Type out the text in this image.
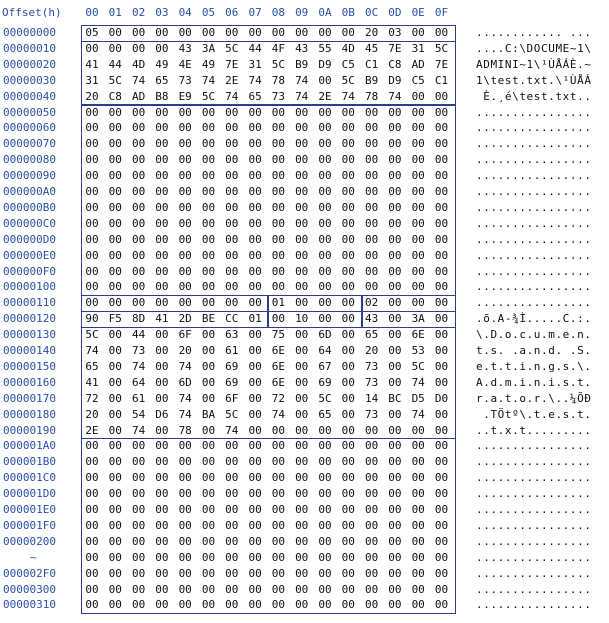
Offset(h) 00 01 02 03 04 05 06 07 08 09 0A 0B 0C 0D 0E 0F
00000000	05 00 00 00 00 00 00 00 00 00 00 00 20 03 00 00	............ ...
00000010	00 00 00 00 43 3A 5C 44 4F 43 55 4D 45 7E 31 5C	....C:\DOCUME~1\
00000020	41 44 4D 49 4E 49 7E 31 5C B9 D9 C5 C1 C8 AD 7E	ADMINI~1\¹ÙÅÁÈ.~
00000030	31 5C 74 65 73 74 2E 74 78 74 00 5C B9 D9 C5 C1	1\test.txt.\¹ÙÅÁ
00000040	20 C8 AD B8 E9 5C 74 65 73 74 2E 74 78 74 00 00	È.¸é\test.txt..
00000050	00 00 00 00 00 00 00 00 00 00 00 00 00 00 00 00	................
00000060	00 00 00 00 00 00 00 00 00 00 00 00 00 00 00 00	................
00000070	00 00 00 00 00 00 00 00 00 00 00 00 00 00 00 00	................
00000080	00 00 00 00 00 00 00 00 00 00 00 00 00 00 00 00	................
00000090	00 00 00 00 00 00 00 00 00 00 00 00 00 00 00 00	................
000000A0	00 00 00 00 00 00 00 00 00 00 00 00 00 00 00 00	................
000000B0	00 00 00 00 00 00 00 00 00 00 00 00 00 00 00 00	................
000000C0	00 00 00 00 00 00 00 00 00 00 00 00 00 00 00 00	................
000000D0	00 00 00 00 00 00 00 00 00 00 00 00 00 00 00 00	................
000000E0	00 00 00 00 00 00 00 00 00 00 00 00 00 00 00 00	................
000000F0	00 00 00 00 00 00 00 00 00 00 00 00 00 00 00 00	................
00000100	00 00 00 00 00 00 00 00 00 00 00 00 00 00 00 00	................
00000110	00 00 00 00 00 00 00 00 01 00 00 00 02 00 00 00	................
00000120	90 F5 8D 41 2D BE CC 01 00 10 00 00 43 00 3A 00	.õ.A-¾Ì.....C.:.
00000130	5C 00 44 00 6F 00 63 00 75 00 6D 00 65 00 6E 00	\.D.o.c.u.m.e.n.
00000140	74 00 73 00 20 00 61 00 6E 00 64 00 20 00 53 00	t.s. .a.n.d. .S.
00000150	65 00 74 00 74 00 69 00 6E 00 67 00 73 00 5C 00	e.t.t.i.n.g.s.\.
00000160	41 00 64 00 6D 00 69 00 6E 00 69 00 73 00 74 00	A.d.m.i.n.i.s.t.
00000170	72 00 61 00 74 00 6F 00 72 00 5C 00 14 BC D5 D0	r.a.t.o.r.\..¼ÕÐ
00000180	20 00 54 D6 74 BA 5C 00 74 00 65 00 73 00 74 00	.TÖtº\.t.e.s.t.
00000190	2E 00 74 00 78 00 74 00 00 00 00 00 00 00 00 00	..t.x.t.........
000001A0	00 00 00 00 00 00 00 00 00 00 00 00 00 00 00 00	................
000001B0	00 00 00 00 00 00 00 00 00 00 00 00 00 00 00 00	................
000001C0	00 00 00 00 00 00 00 00 00 00 00 00 00 00 00 00	................
000001D0	00 00 00 00 00 00 00 00 00 00 00 00 00 00 00 00	................
000001E0	00 00 00 00 00 00 00 00 00 00 00 00 00 00 00 00	................
000001F0	00 00 00 00 00 00 00 00 00 00 00 00 00 00 00 00	................
00000200	00 00 00 00 00 00 00 00 00 00 00 00 00 00 00 00	................
~	00 00 00 00 00 00 00 00 00 00 00 00 00 00 00 00	................
000002F0	00 00 00 00 00 00 00 00 00 00 00 00 00 00 00 00	................
00000300	00 00 00 00 00 00 00 00 00 00 00 00 00 00 00 00	................
00000310	00 00 00 00 00 00 00 00 00 00 00 00 00 00 00 00	................
